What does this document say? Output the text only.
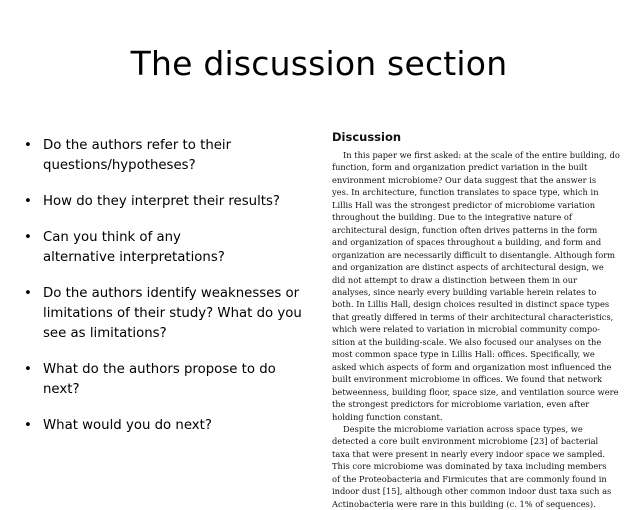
The discussion section
• Do the authors refer to their questions/hypotheses?
• How do they interpret their results?
• Can you think of any alternative interpretations?
• Do the authors identify weaknesses or limitations of their study? What do you see as limitations?
• What do the authors propose to do next?
• What would you do next?
Discussion
In this paper we first asked: at the scale of the entire building, do
function, form and organization predict variation in the built
environment microbiome? Our data suggest that the answer is
yes. In architecture, function translates to space type, which in
Lillis Hall was the strongest predictor of microbiome variation
throughout the building. Due to the integrative nature of
architectural design, function often drives patterns in the form
and organization of spaces throughout a building, and form and
organization are necessarily difficult to disentangle. Although form
and organization are distinct aspects of architectural design, we
did not attempt to draw a distinction between them in our
analyses, since nearly every building variable herein relates to
both. In Lillis Hall, design choices resulted in distinct space types
that greatly differed in terms of their architectural characteristics,
which were related to variation in microbial community compo-
sition at the building-scale. We also focused our analyses on the
most common space type in Lillis Hall: offices. Specifically, we
asked which aspects of form and organization most influenced the
built environment microbiome in offices. We found that network
betweenness, building floor, space size, and ventilation source were
the strongest predictors for microbiome variation, even after
holding function constant.
Despite the microbiome variation across space types, we
detected a core built environment microbiome [23] of bacterial
taxa that were present in nearly every indoor space we sampled.
This core microbiome was dominated by taxa including members
of the Proteobacteria and Firmicutes that are commonly found in
indoor dust [15], although other common indoor dust taxa such as
Actinobacteria were rare in this building (c. 1% of sequences).
